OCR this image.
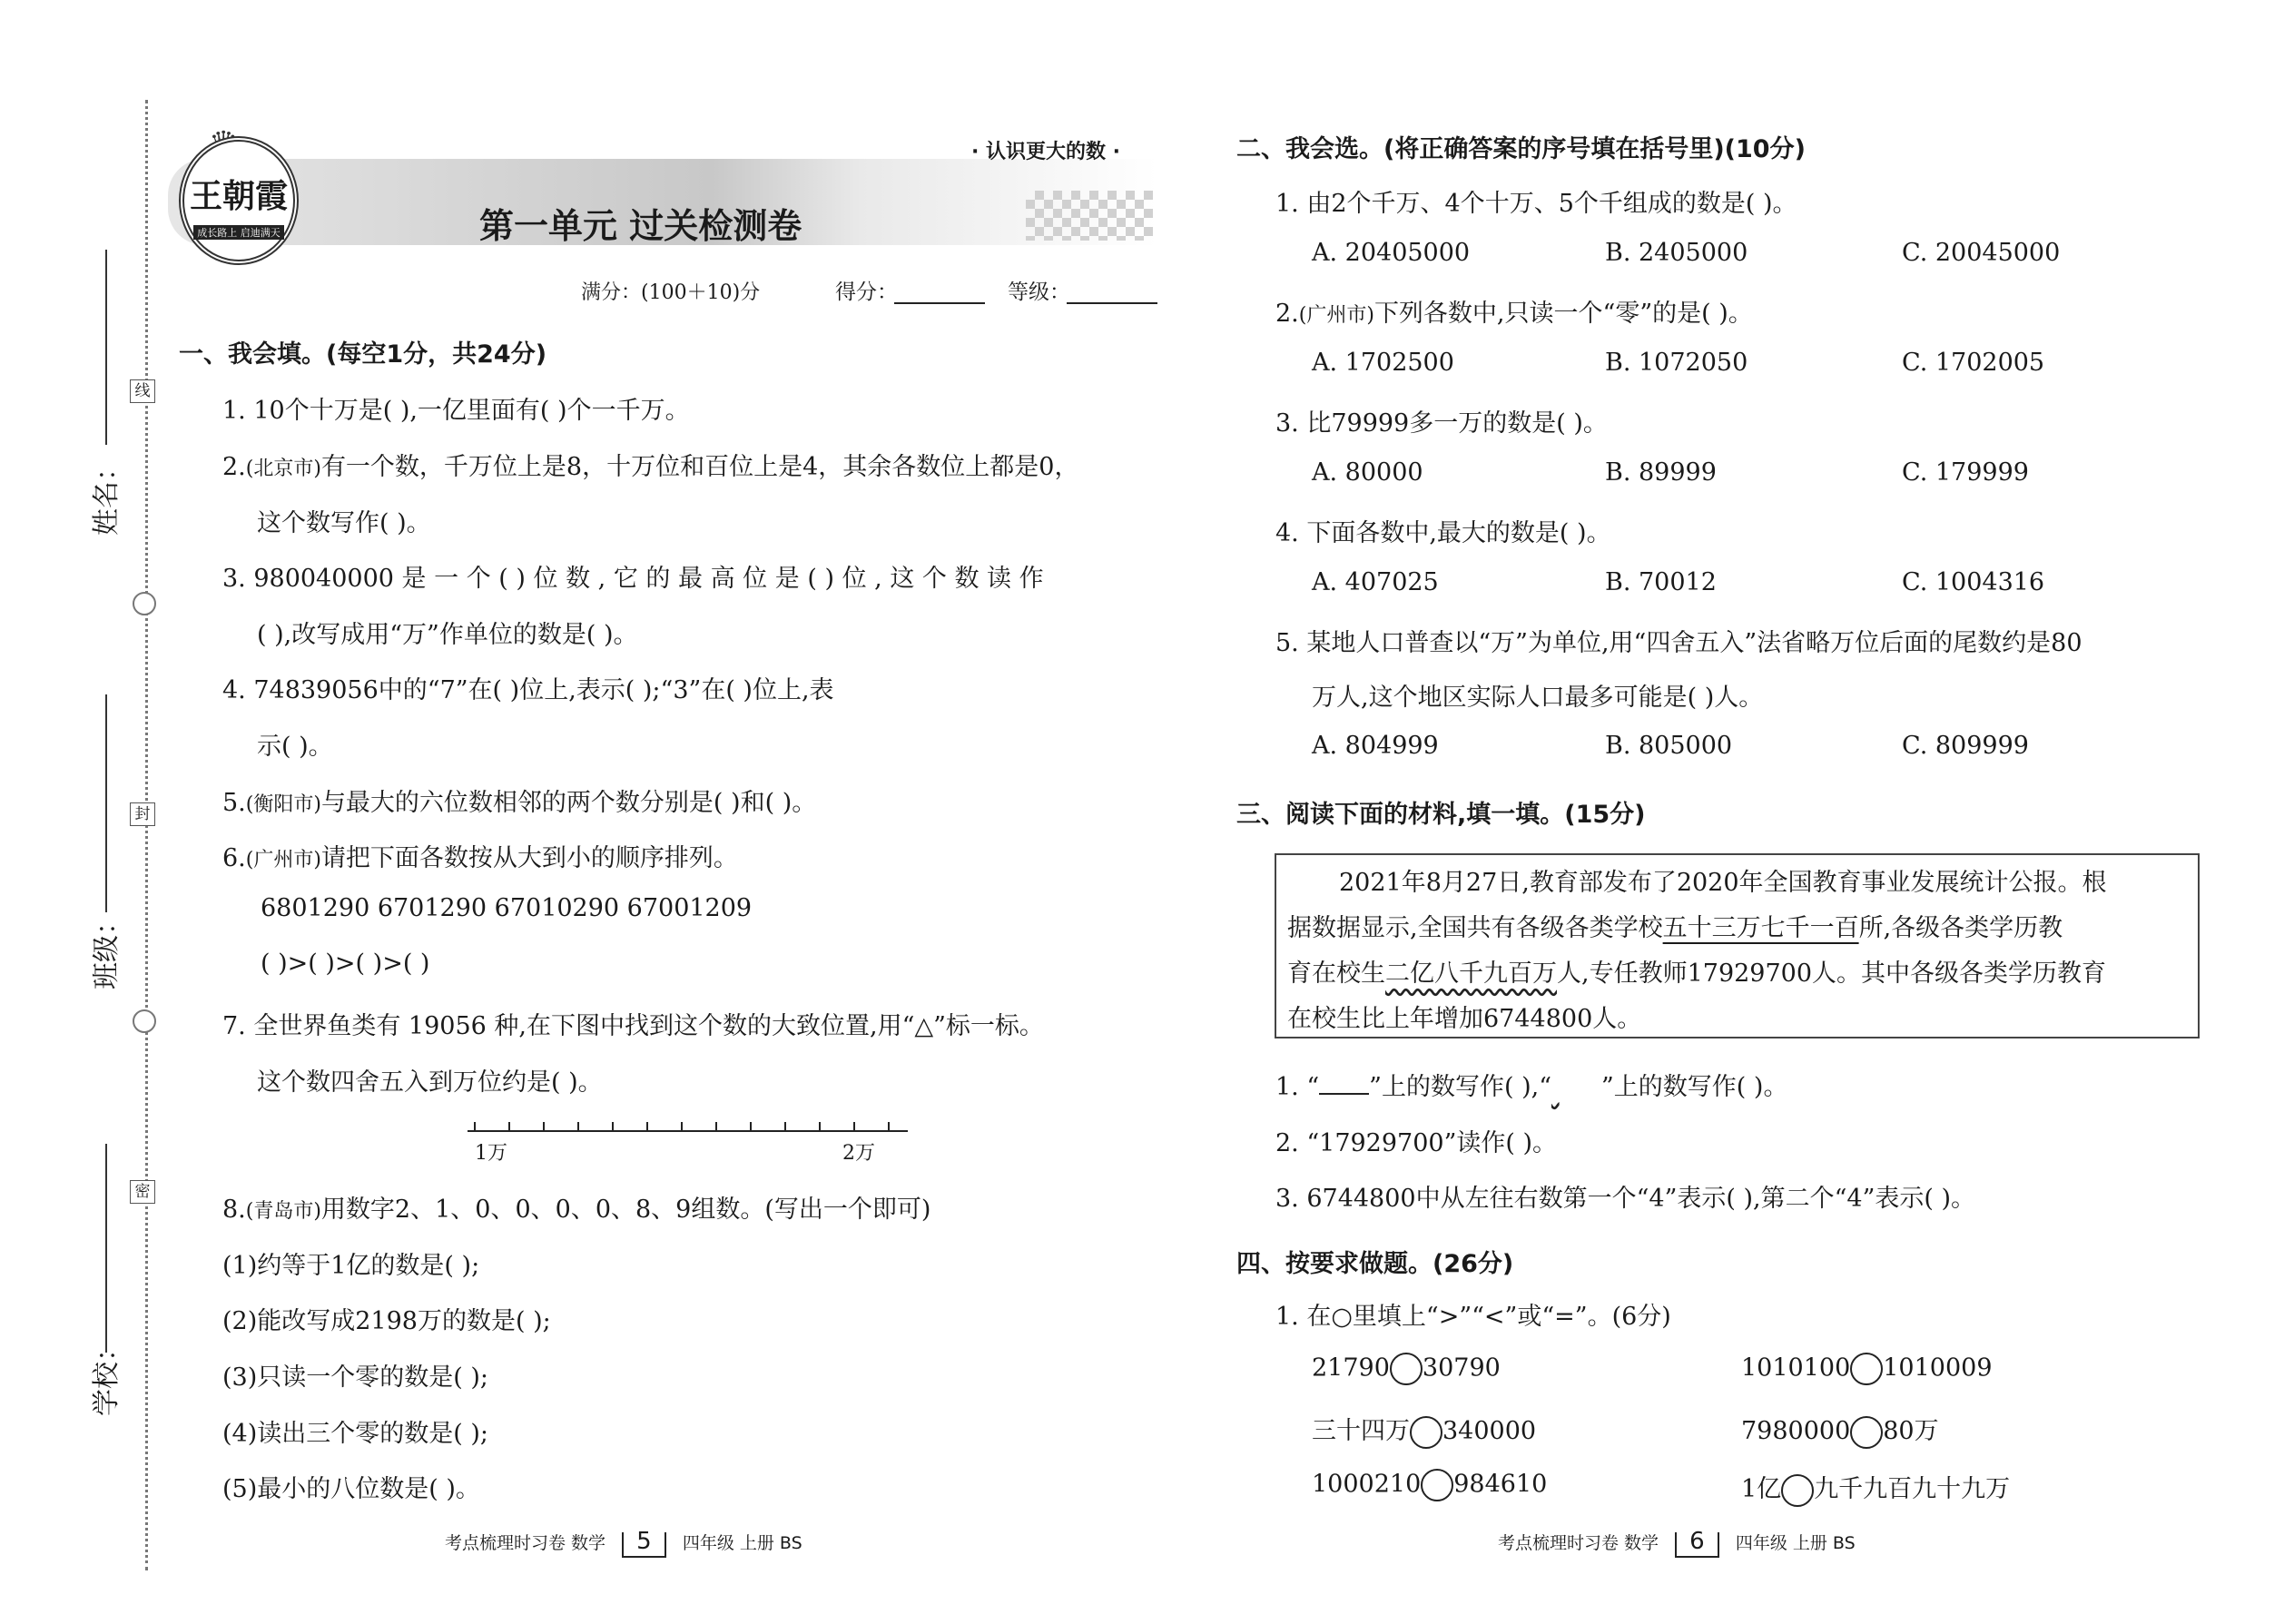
姓名：
班级：
学校：
线
封
密
王朝霞
成长路上 启迪满天
· 认识更大的数 ·
第一单元 过关检测卷
满分：(100＋10)分	得分：	等级：
一、我会填。(每空1分，共24分)
1. 10个十万是( ),一亿里面有( )个一千万。
2.(北京市)有一个数，千万位上是8，十万位和百位上是4，其余各数位上都是0，
这个数写作( )。
3. 980040000 是 一 个 ( ) 位 数 , 它 的 最 高 位 是 ( ) 位 , 这 个 数 读 作
( ),改写成用“万”作单位的数是( )。
4. 74839056中的“7”在( )位上,表示( );“3”在( )位上,表
示( )。
5.(衡阳市)与最大的六位数相邻的两个数分别是( )和( )。
6.(广州市)请把下面各数按从大到小的顺序排列。
6801290 6701290 67010290 67001209
( )>( )>( )>( )
7. 全世界鱼类有 19056 种,在下图中找到这个数的大致位置,用“△”标一标。
这个数四舍五入到万位约是( )。
1万	2万
8.(青岛市)用数字2、1、0、0、0、0、8、9组数。(写出一个即可)
(1)约等于1亿的数是( );
(2)能改写成2198万的数是( );
(3)只读一个零的数是( );
(4)读出三个零的数是( );
(5)最小的八位数是( )。
考点梳理时习卷 数学 5 四年级 上册 BS
二、我会选。(将正确答案的序号填在括号里)(10分)
1. 由2个千万、4个十万、5个千组成的数是( )。
A. 20405000	B. 2405000	C. 20045000
2.(广州市)下列各数中,只读一个“零”的是( )。
A. 1702500	B. 1072050	C. 1702005
3. 比79999多一万的数是( )。
A. 80000	B. 89999	C. 179999
4. 下面各数中,最大的数是( )。
A. 407025	B. 70012	C. 1004316
5. 某地人口普查以“万”为单位,用“四舍五入”法省略万位后面的尾数约是80
万人,这个地区实际人口最多可能是( )人。
A. 804999	B. 805000	C. 809999
三、阅读下面的材料,填一填。(15分)
2021年8月27日,教育部发布了2020年全国教育事业发展统计公报。根
据数据显示,全国共有各级各类学校五十三万七千一百所,各级各类学历教
育在校生二亿八千九百万人,专任教师17929700人。其中各级各类学历教育
在校生比上年增加6744800人。
1. “ ”上的数写作( ),“ ”上的数写作( )。
2. “17929700”读作( )。
3. 6744800中从左往右数第一个“4”表示( ),第二个“4”表示( )。
四、按要求做题。(26分)
1. 在○里填上“>”“<”或“=”。(6分)
21790 30790	1010100 1010009
三十四万 340000	7980000 80万
1000210 984610	1亿 九千九百九十九万
考点梳理时习卷 数学 6 四年级 上册 BS
